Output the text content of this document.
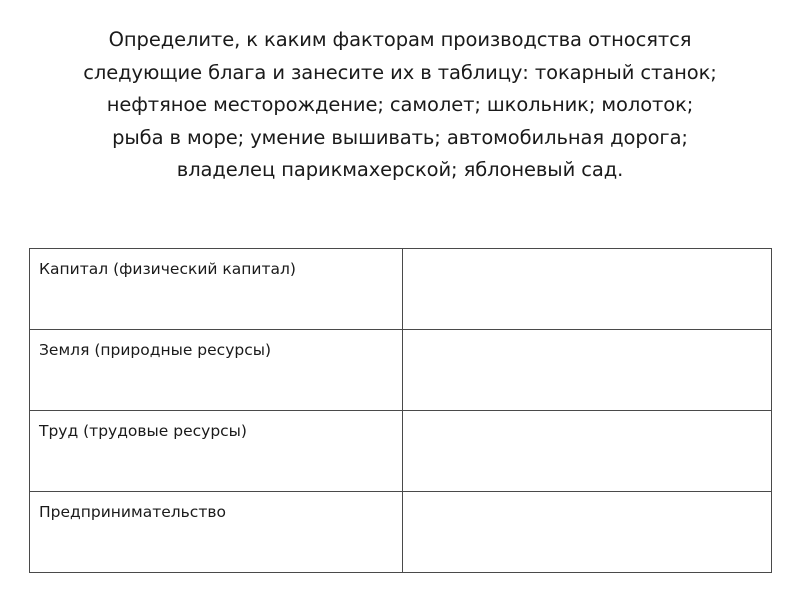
Определите, к каким факторам производства относятся
следующие блага и занесите их в таблицу: токарный станок;
нефтяное месторождение; самолет; школьник; молоток;
рыба в море; умение вышивать; автомобильная дорога;
владелец парикмахерской; яблоневый сад.
Капитал (физический капитал)	
Земля (природные ресурсы)	
Труд (трудовые ресурсы)	
Предпринимательство	
